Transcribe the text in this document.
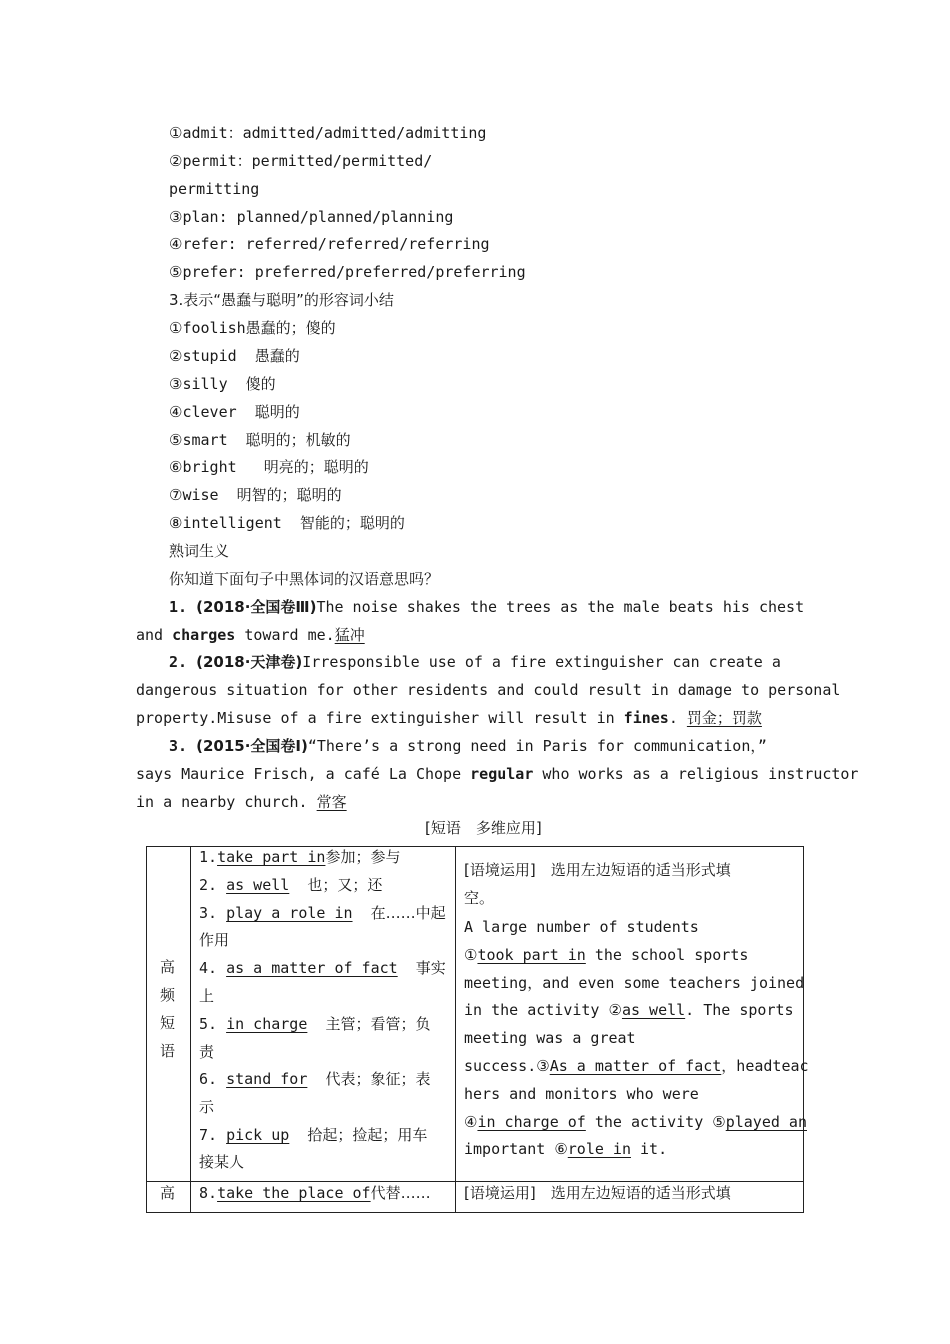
①admit：admitted/admitted/admitting
②permit：permitted/permitted/
permitting
③plan: planned/planned/planning
④refer: referred/referred/referring
⑤prefer: preferred/preferred/preferring
3.表示“愚蠢与聪明”的形容词小结
①foolish愚蠢的；傻的
②stupid 愚蠢的
③silly 傻的
④clever 聪明的
⑤smart 聪明的；机敏的
⑥bright 明亮的；聪明的
⑦wise 明智的；聪明的
⑧intelligent 智能的；聪明的
熟词生义
你知道下面句子中黑体词的汉语意思吗？
1. (2018·全国卷Ⅲ)The noise shakes the trees as the male beats his chest
and charges toward me.猛冲
2. (2018·天津卷)Irresponsible use of a fire extinguisher can create a
dangerous situation for other residents and could result in damage to personal
property.Misuse of a fire extinguisher will result in fines. 罚金；罚款
3. (2015·全国卷Ⅰ)“There’s a strong need in Paris for communication，”
says Maurice Frisch, a café La Chope regular who works as a religious instructor
in a nearby church. 常客
[短语　多维应用]
高
频
短
语
高
1.take part in参加；参与
2. as well 也；又；还
3. play a role in 在……中起
作用
4. as a matter of fact 事实
上
5. in charge 主管；看管；负
责
6. stand for 代表；象征；表
示
7. pick up 拾起；捡起；用车
接某人
8.take the place of代替……
[语境运用]　选用左边短语的适当形式填
空。
A large number of students
①took part in the school sports
meeting，and even some teachers joined
in the activity ②as well. The sports
meeting was a great
success.③As a matter of fact，headteac
hers and monitors who were
④in charge of the activity ⑤played an
important ⑥role in it.
[语境运用]　选用左边短语的适当形式填
